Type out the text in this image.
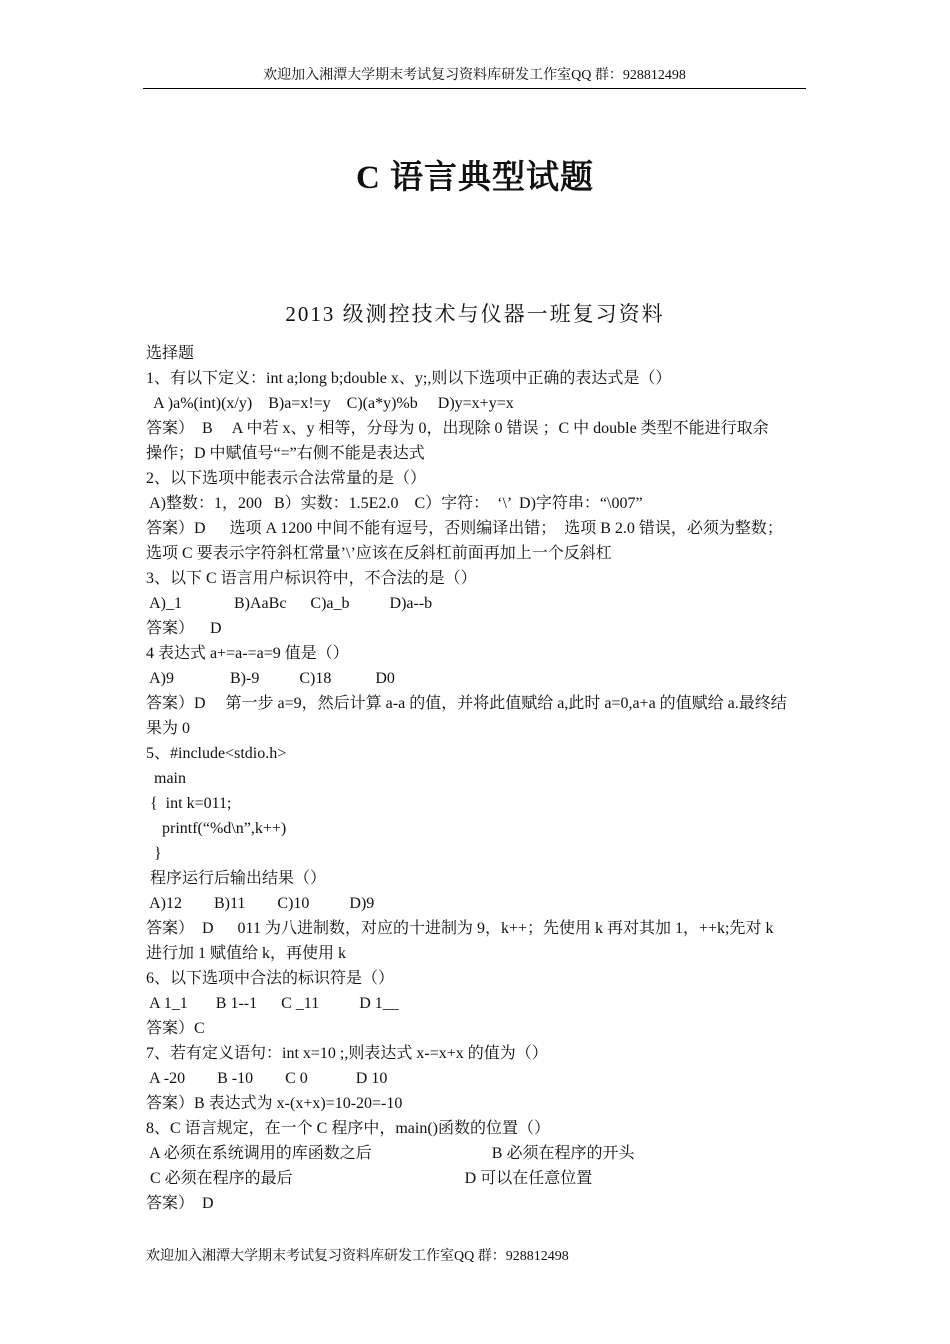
欢迎加入湘潭大学期末考试复习资料库研发工作室QQ 群：928812498
C 语言典型试题
2013 级测控技术与仪器一班复习资料
选择题
1、有以下定义：int a;long b;double x、y;,则以下选项中正确的表达式是（）
A )a%(int)(x/y)    B)a=x!=y    C)(a*y)%b     D)y=x+y=x
答案）  B     A 中若 x、y 相等，分母为 0，出现除 0 错误 ；C 中 double 类型不能进行取余
操作；D 中赋值号“=”右侧不能是表达式
2、以下选项中能表示合法常量的是（）
A)整数：1，200   B）实数：1.5E2.0    C）字符：  ‘\’  D)字符串：“\007”
答案）D      选项 A 1200 中间不能有逗号，否则编译出错；  选项 B 2.0 错误，必须为整数；
选项 C 要表示字符斜杠常量’\’应该在反斜杠前面再加上一个反斜杠
3、以下 C 语言用户标识符中，不合法的是（）
A)_1             B)AaBc      C)a_b          D)a--b
答案）    D
4 表达式 a+=a-=a=9 值是（）
A)9              B)-9          C)18           D0
答案）D     第一步 a=9，然后计算 a-a 的值，并将此值赋给 a,此时 a=0,a+a 的值赋给 a.最终结
果为 0
5、#include<stdio.h>
main
{  int k=011;
printf(“%d\n”,k++)
}
程序运行后输出结果（）
A)12        B)11        C)10          D)9
答案）  D      011 为八进制数，对应的十进制为 9，k++；先使用 k 再对其加 1，++k;先对 k
进行加 1 赋值给 k，再使用 k
6、以下选项中合法的标识符是（）
A 1_1       B 1--1      C _11          D 1__
答案）C
7、若有定义语句：int x=10 ;,则表达式 x-=x+x 的值为（）
A -20        B -10        C 0            D 10
答案）B 表达式为 x-(x+x)=10-20=-10
8、C 语言规定，在一个 C 程序中，main()函数的位置（）
A 必须在系统调用的库函数之后                              B 必须在程序的开头
C 必须在程序的最后                                           D 可以在任意位置
答案）  D
欢迎加入湘潭大学期末考试复习资料库研发工作室QQ 群：928812498
